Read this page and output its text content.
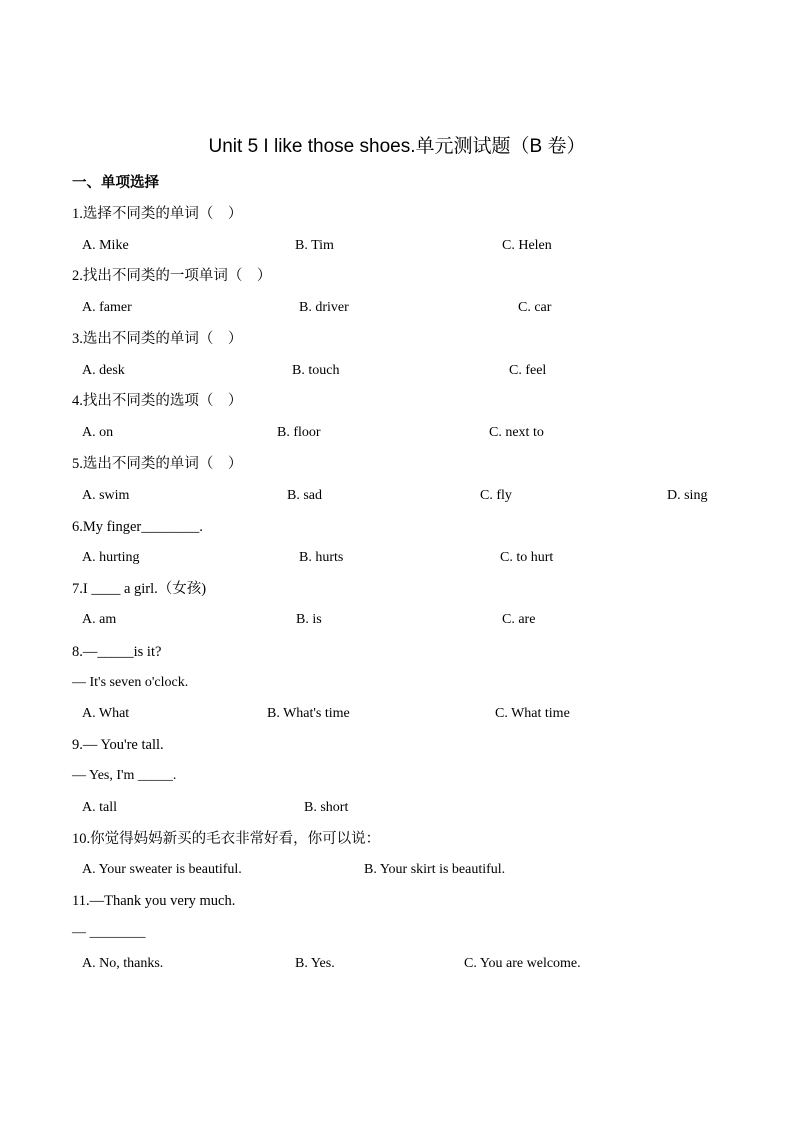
Unit 5 I like those shoes.单元测试题（B 卷）
一、单项选择
1.选择不同类的单词（　）
A. Mike	B. Tim	C. Helen
2.找出不同类的一项单词（　）
A. famer	B. driver	C. car
3.选出不同类的单词（　）
A. desk	B. touch	C. feel
4.找出不同类的选项（　）
A. on	B. floor	C. next to
5.选出不同类的单词（　）
A. swim	B. sad	C. fly	D. sing
6.My finger________.
A. hurting	B. hurts	C. to hurt
7.I ____ a girl.（女孩)
A. am	B. is	C. are
8.—_____is it?
— It's seven o'clock.
A. What	B. What's time	C. What time
9.— You're tall.
— Yes, I'm _____.
A. tall	B. short
10.你觉得妈妈新买的毛衣非常好看，你可以说：
A. Your sweater is beautiful.	B. Your skirt is beautiful.
11.—Thank you very much.
— ________
A. No, thanks.	B. Yes.	C. You are welcome.
